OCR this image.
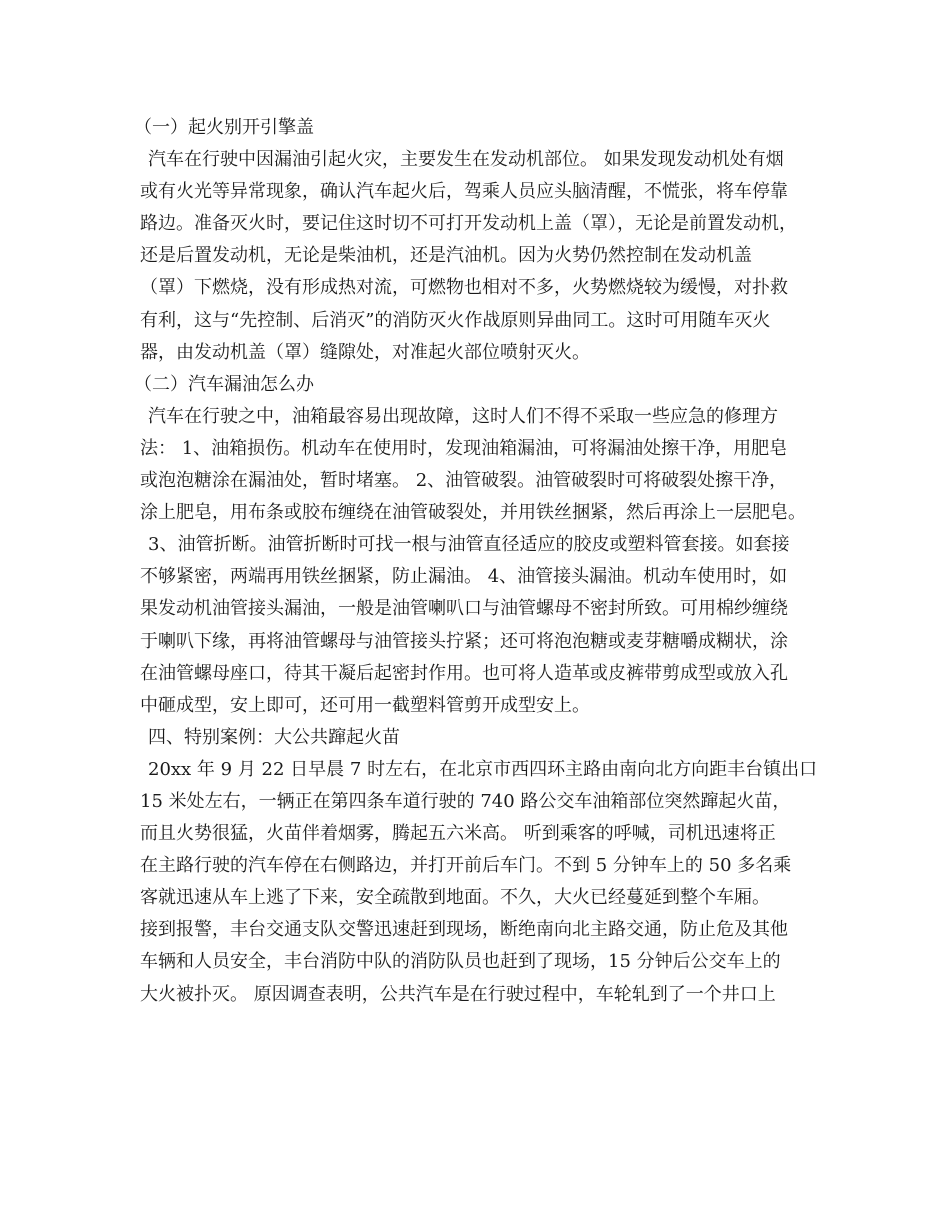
（一）起火别开引擎盖
汽车在行驶中因漏油引起火灾，主要发生在发动机部位。 如果发现发动机处有烟
或有火光等异常现象，确认汽车起火后，驾乘人员应头脑清醒，不慌张，将车停靠
路边。准备灭火时，要记住这时切不可打开发动机上盖（罩），无论是前置发动机，
还是后置发动机，无论是柴油机，还是汽油机。因为火势仍然控制在发动机盖
（罩）下燃烧，没有形成热对流，可燃物也相对不多，火势燃烧较为缓慢，对扑救
有利，这与“先控制、后消灭”的消防灭火作战原则异曲同工。这时可用随车灭火
器，由发动机盖（罩）缝隙处，对准起火部位喷射灭火。
（二）汽车漏油怎么办
汽车在行驶之中，油箱最容易出现故障，这时人们不得不采取一些应急的修理方
法： 1、油箱损伤。机动车在使用时，发现油箱漏油，可将漏油处擦干净，用肥皂
或泡泡糖涂在漏油处，暂时堵塞。 2、油管破裂。油管破裂时可将破裂处擦干净，
涂上肥皂，用布条或胶布缠绕在油管破裂处，并用铁丝捆紧，然后再涂上一层肥皂。
3、油管折断。油管折断时可找一根与油管直径适应的胶皮或塑料管套接。如套接
不够紧密，两端再用铁丝捆紧，防止漏油。 4、油管接头漏油。机动车使用时，如
果发动机油管接头漏油，一般是油管喇叭口与油管螺母不密封所致。可用棉纱缠绕
于喇叭下缘，再将油管螺母与油管接头拧紧；还可将泡泡糖或麦芽糖嚼成糊状，涂
在油管螺母座口，待其干凝后起密封作用。也可将人造革或皮裤带剪成型或放入孔
中砸成型，安上即可，还可用一截塑料管剪开成型安上。
四、特别案例：大公共蹿起火苗
20xx 年 9 月 22 日早晨 7 时左右，在北京市西四环主路由南向北方向距丰台镇出口
15 米处左右，一辆正在第四条车道行驶的 740 路公交车油箱部位突然蹿起火苗，
而且火势很猛，火苗伴着烟雾，腾起五六米高。 听到乘客的呼喊，司机迅速将正
在主路行驶的汽车停在右侧路边，并打开前后车门。不到 5 分钟车上的 50 多名乘
客就迅速从车上逃了下来，安全疏散到地面。不久，大火已经蔓延到整个车厢。
接到报警，丰台交通支队交警迅速赶到现场，断绝南向北主路交通，防止危及其他
车辆和人员安全，丰台消防中队的消防队员也赶到了现场，15 分钟后公交车上的
大火被扑灭。 原因调查表明，公共汽车是在行驶过程中，车轮轧到了一个井口上
